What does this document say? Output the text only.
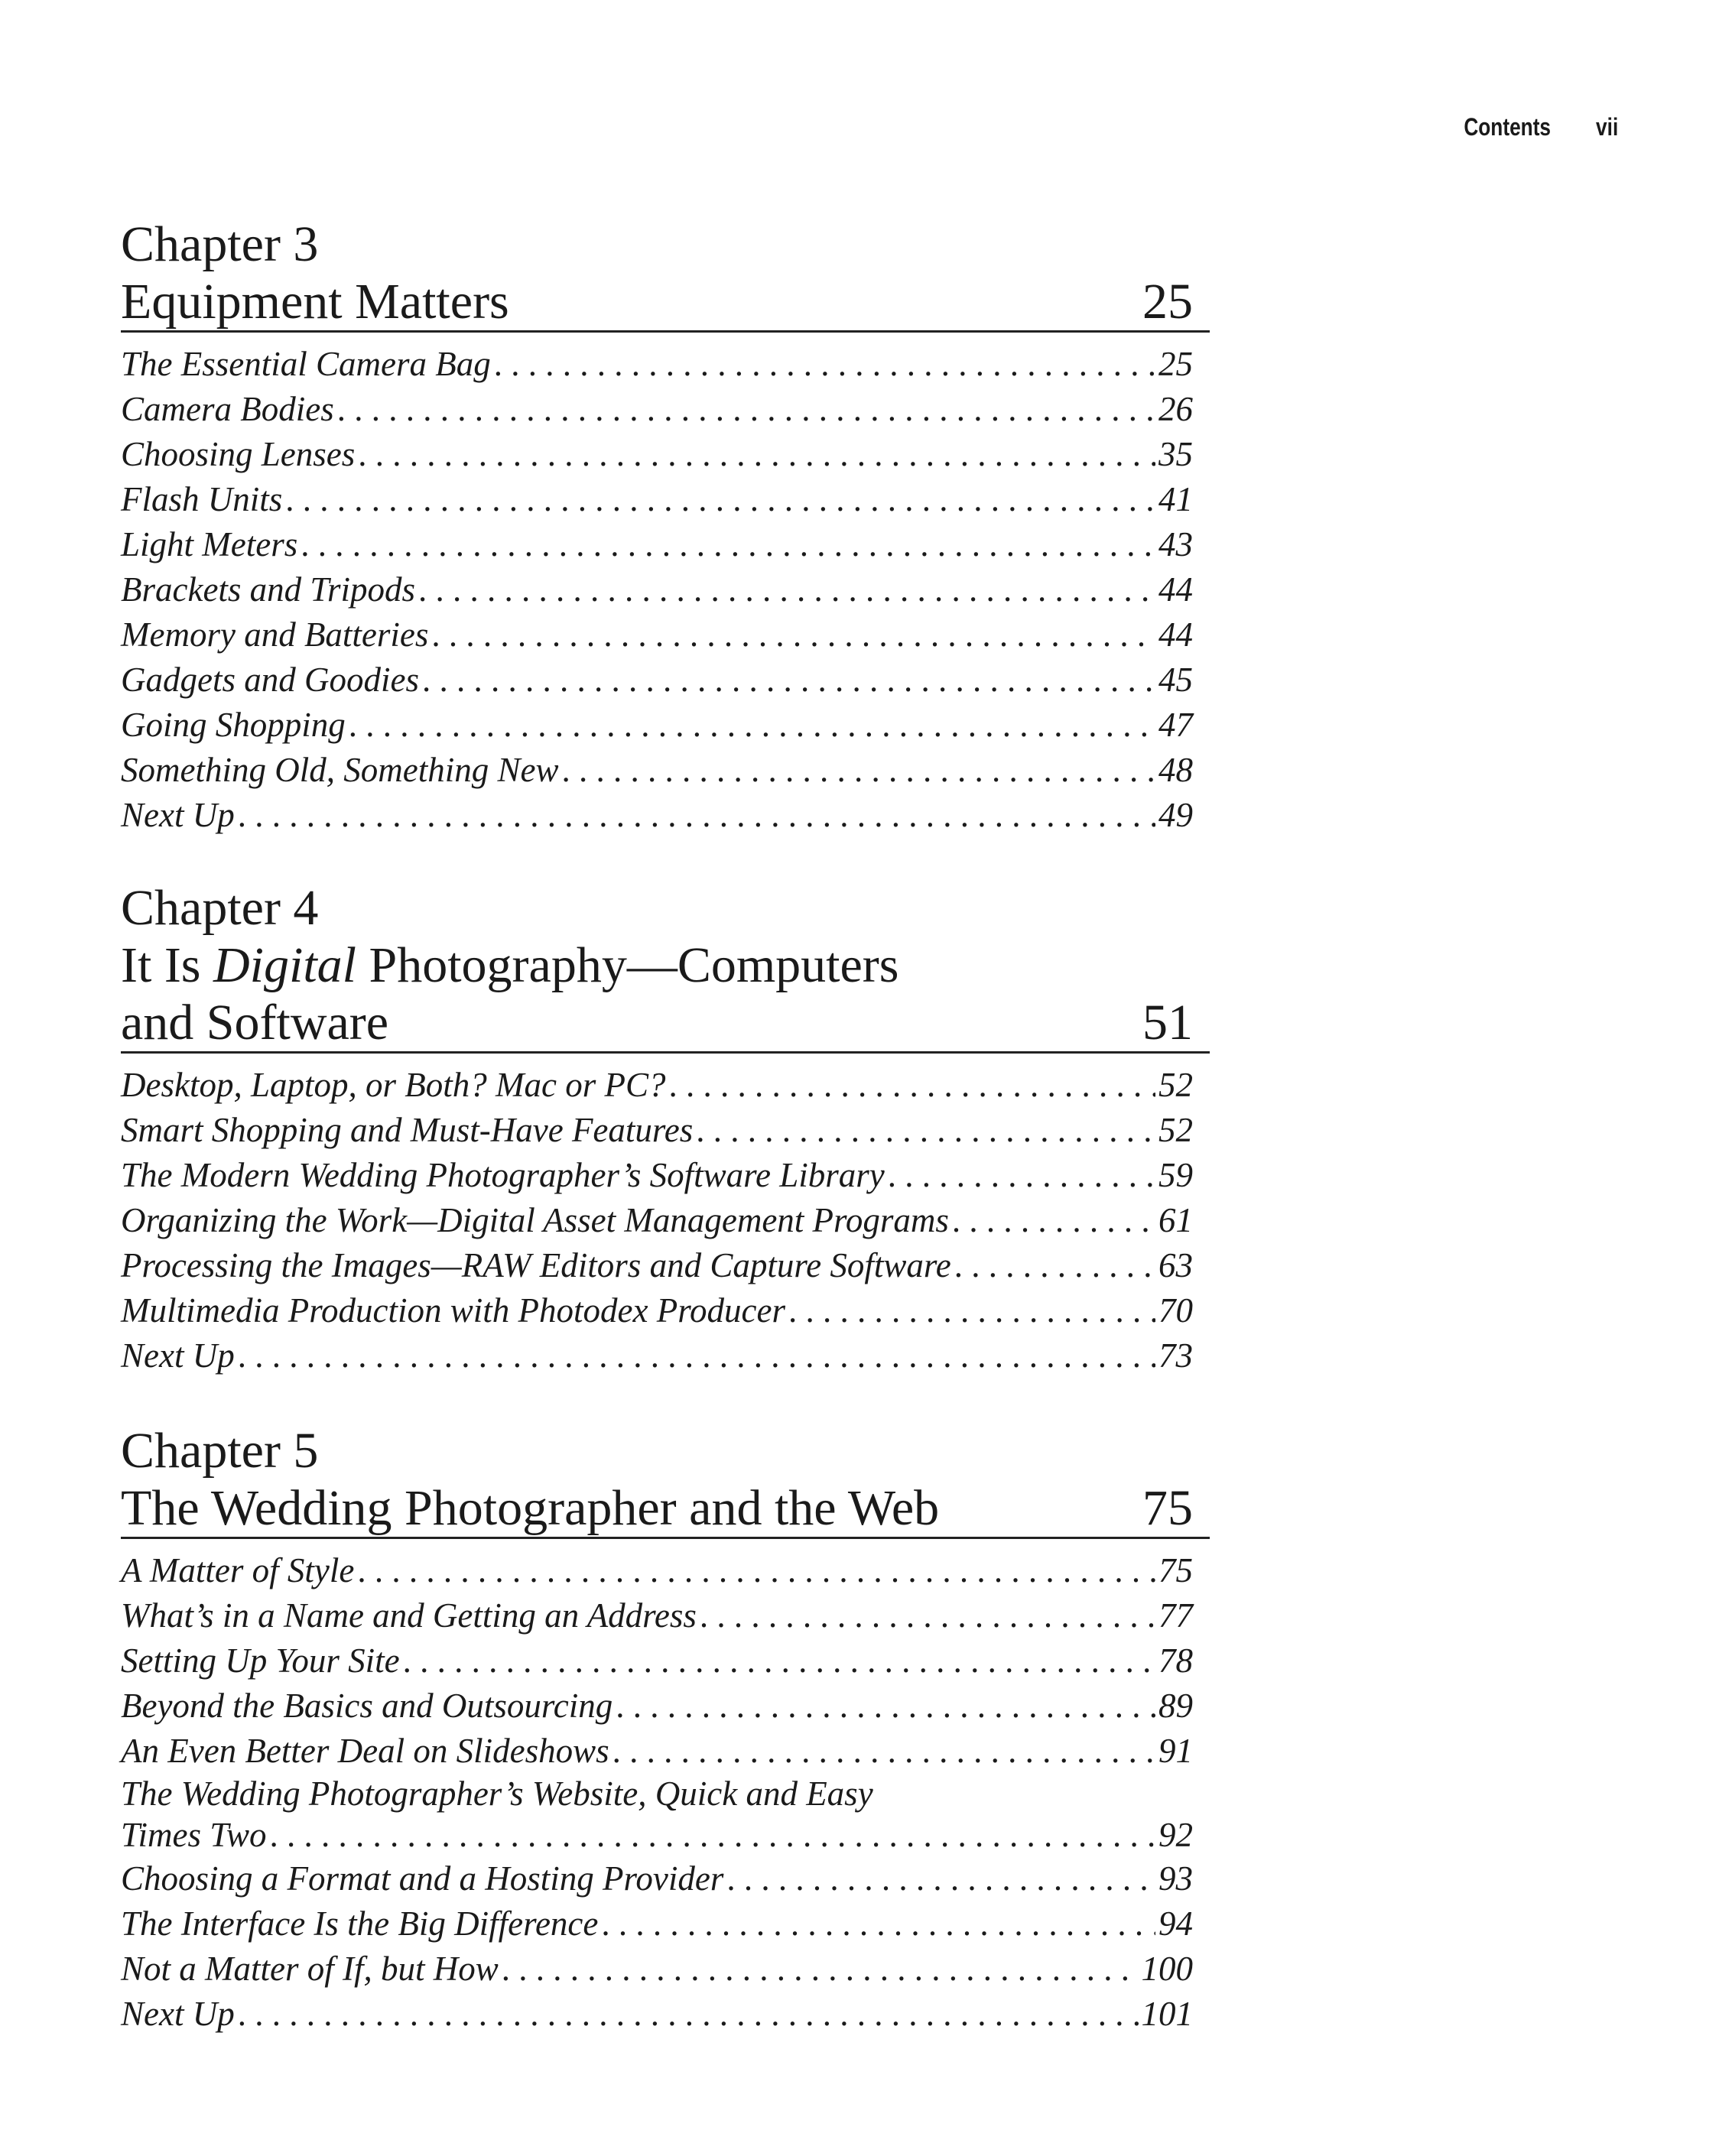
Contents vii
Chapter 3
Equipment Matters	25
The Essential Camera Bag . . .	25
Camera Bodies . . .	26
Choosing Lenses . . .	35
Flash Units . . .	41
Light Meters . . .	43
Brackets and Tripods . . .	44
Memory and Batteries . . .	44
Gadgets and Goodies . . .	45
Going Shopping . . .	47
Something Old, Something New . . .	48
Next Up . . .	49
Chapter 4
It Is Digital Photography—Computers
and Software	51
Desktop, Laptop, or Both? Mac or PC? . . .	52
Smart Shopping and Must-Have Features . . .	52
The Modern Wedding Photographer’s Software Library . . .	59
Organizing the Work—Digital Asset Management Programs . . .	61
Processing the Images—RAW Editors and Capture Software . . .	63
Multimedia Production with Photodex Producer . . .	70
Next Up . . .	73
Chapter 5
The Wedding Photographer and the Web	75
A Matter of Style . . .	75
What’s in a Name and Getting an Address . . .	77
Setting Up Your Site . . .	78
Beyond the Basics and Outsourcing . . .	89
An Even Better Deal on Slideshows . . .	91
The Wedding Photographer’s Website, Quick and Easy
Times Two . . .	92
Choosing a Format and a Hosting Provider . . .	93
The Interface Is the Big Difference . . .	94
Not a Matter of If, but How . . .	100
Next Up . . .	101
